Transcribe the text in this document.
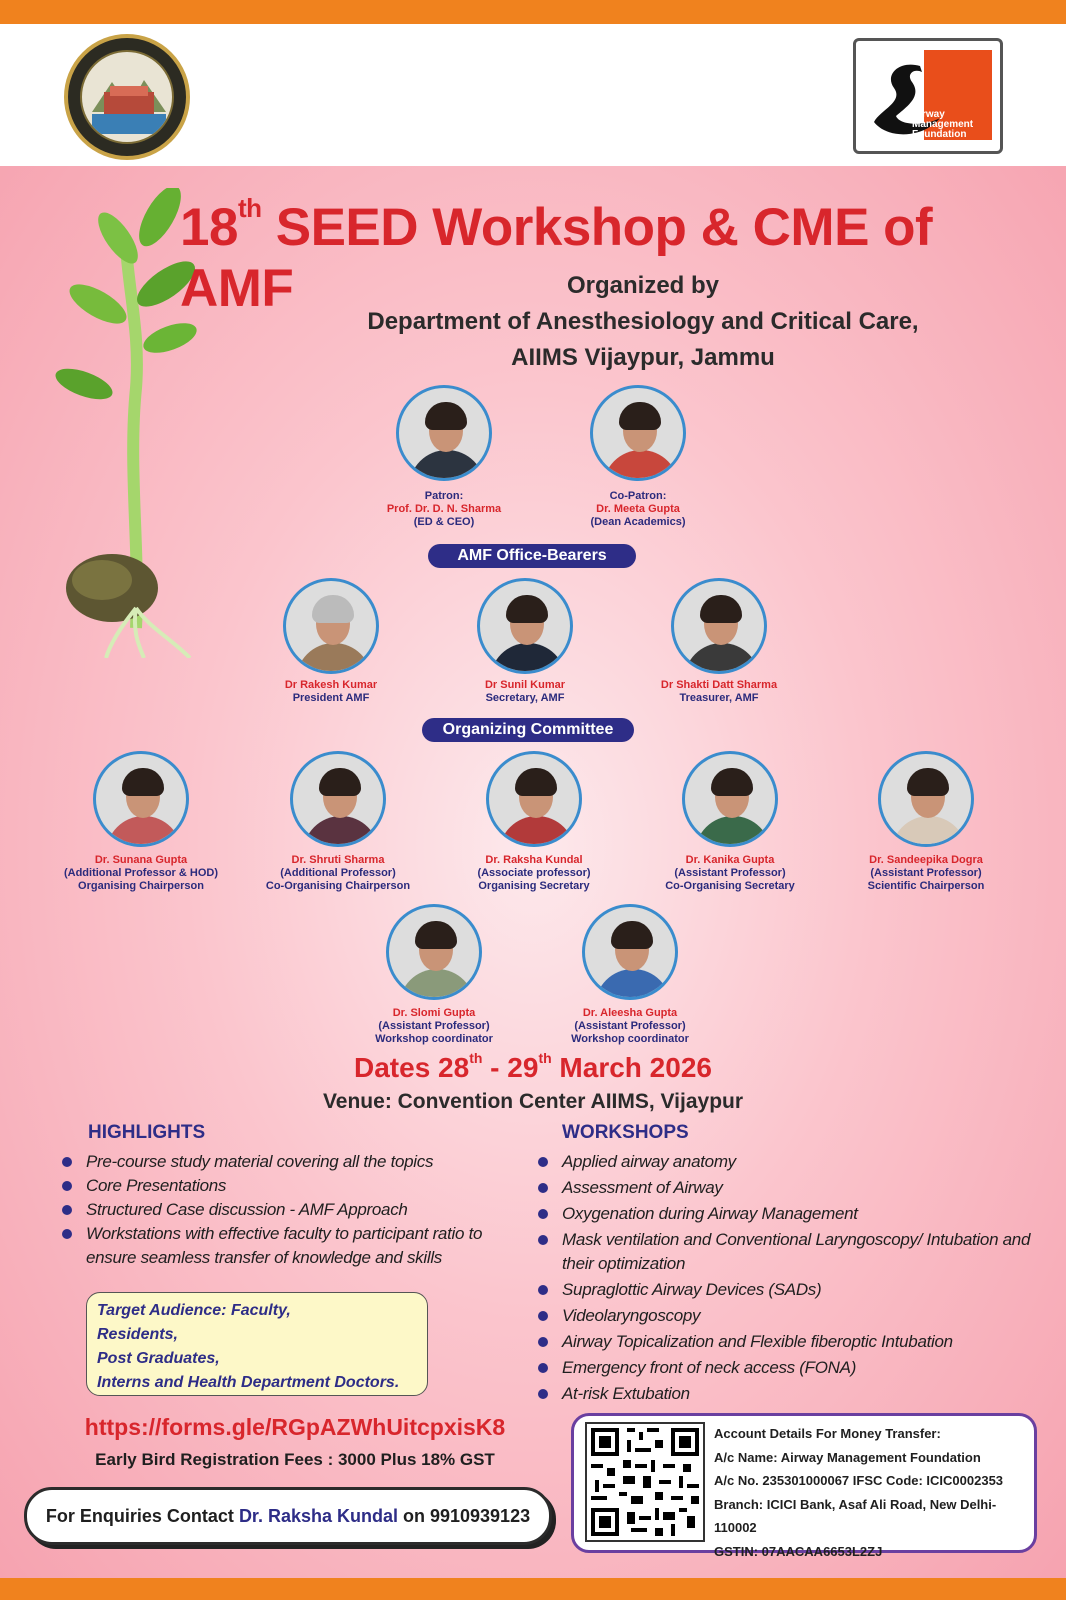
Airway
Management
Foundation
18th SEED Workshop & CME of AMF	Organized by
Department of Anesthesiology and Critical Care,
AIIMS Vijaypur, Jammu
Patron:
Prof. Dr. D. N. Sharma
(ED & CEO)
Co-Patron:
Dr. Meeta Gupta
(Dean Academics)
AMF Office-Bearers
Dr Rakesh Kumar
President AMF
Dr Sunil Kumar
Secretary, AMF
Dr Shakti Datt Sharma
Treasurer, AMF
Organizing Committee
Dr. Sunana Gupta
(Additional Professor & HOD)
Organising Chairperson
Dr. Shruti Sharma
(Additional Professor)
Co-Organising Chairperson
Dr. Raksha Kundal
(Associate professor)
Organising Secretary
Dr. Kanika Gupta
(Assistant Professor)
Co-Organising Secretary
Dr. Sandeepika Dogra
(Assistant Professor)
Scientific Chairperson
Dr. Slomi Gupta
(Assistant Professor)
Workshop coordinator
Dr. Aleesha Gupta
(Assistant Professor)
Workshop coordinator
Dates 28th - 29th March 2026
Venue: Convention Center AIIMS, Vijaypur
HIGHLIGHTS
Pre-course study material covering all the topics
Core Presentations
Structured Case discussion - AMF Approach
Workstations with effective faculty to participant ratio to ensure seamless transfer of knowledge and skills
WORKSHOPS
Applied airway anatomy
Assessment of Airway
Oxygenation during Airway Management
Mask ventilation and Conventional Laryngoscopy/ Intubation and their optimization
Supraglottic Airway Devices (SADs)
Videolaryngoscopy
Airway Topicalization and Flexible fiberoptic Intubation
Emergency front of neck access (FONA)
At-risk Extubation
Target Audience: Faculty,
Residents,
Post Graduates,
Interns and Health Department Doctors.
https://forms.gle/RGpAZWhUitcpxisK8
Early Bird Registration Fees : 3000 Plus 18% GST
For Enquiries Contact Dr. Raksha Kundal on 9910939123
Account Details For Money Transfer:
A/c Name: Airway Management Foundation
A/c No. 235301000067 IFSC Code: ICIC0002353
Branch: ICICI Bank, Asaf Ali Road, New Delhi-110002
GSTIN: 07AACAA6653L2ZJ
